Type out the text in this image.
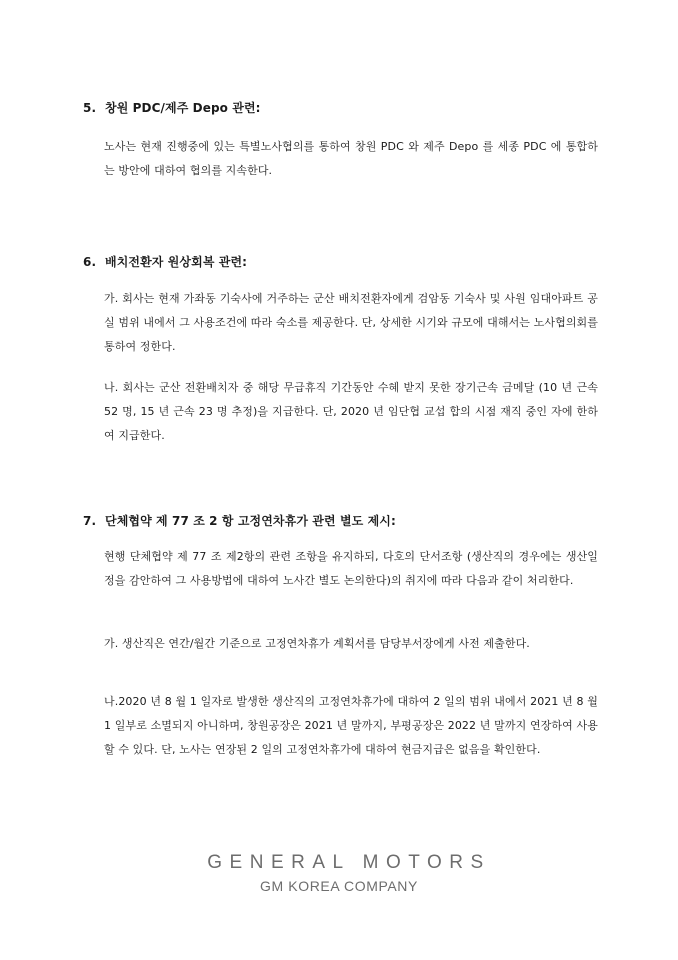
5. 창원 PDC/제주 Depo 관련:
노사는 현재 진행중에 있는 특별노사협의를 통하여 창원 PDC 와 제주 Depo 를 세종 PDC 에 통합하는 방안에 대하여 협의를 지속한다.
6. 배치전환자 원상회복 관련:
가. 회사는 현재 가좌동 기숙사에 거주하는 군산 배치전환자에게 검암동 기숙사 및 사원 임대아파트 공실 범위 내에서 그 사용조건에 따라 숙소를 제공한다. 단, 상세한 시기와 규모에 대해서는 노사협의회를 통하여 정한다.
나. 회사는 군산 전환배치자 중 해당 무급휴직 기간동안 수혜 받지 못한 장기근속 금메달 (10 년 근속 52 명, 15 년 근속 23 명 추정)을 지급한다. 단, 2020 년 임단협 교섭 합의 시점 재직 중인 자에 한하여 지급한다.
7. 단체협약 제 77 조 2 항 고정연차휴가 관련 별도 제시:
현행 단체협약 제 77 조 제2항의 관련 조항을 유지하되, 다호의 단서조항 (생산직의 경우에는 생산일정을 감안하여 그 사용방법에 대하여 노사간 별도 논의한다)의 취지에 따라 다음과 같이 처리한다.
가. 생산직은 연간/월간 기준으로 고정연차휴가 계획서를 담당부서장에게 사전 제출한다.
나.2020 년 8 월 1 일자로 발생한 생산직의 고정연차휴가에 대하여 2 일의 범위 내에서 2021 년 8 월 1 일부로 소멸되지 아니하며, 창원공장은 2021 년 말까지, 부평공장은 2022 년 말까지 연장하여 사용할 수 있다. 단, 노사는 연장된 2 일의 고정연차휴가에 대하여 현금지급은 없음을 확인한다.
GENERAL MOTORS
GM KOREA COMPANY
